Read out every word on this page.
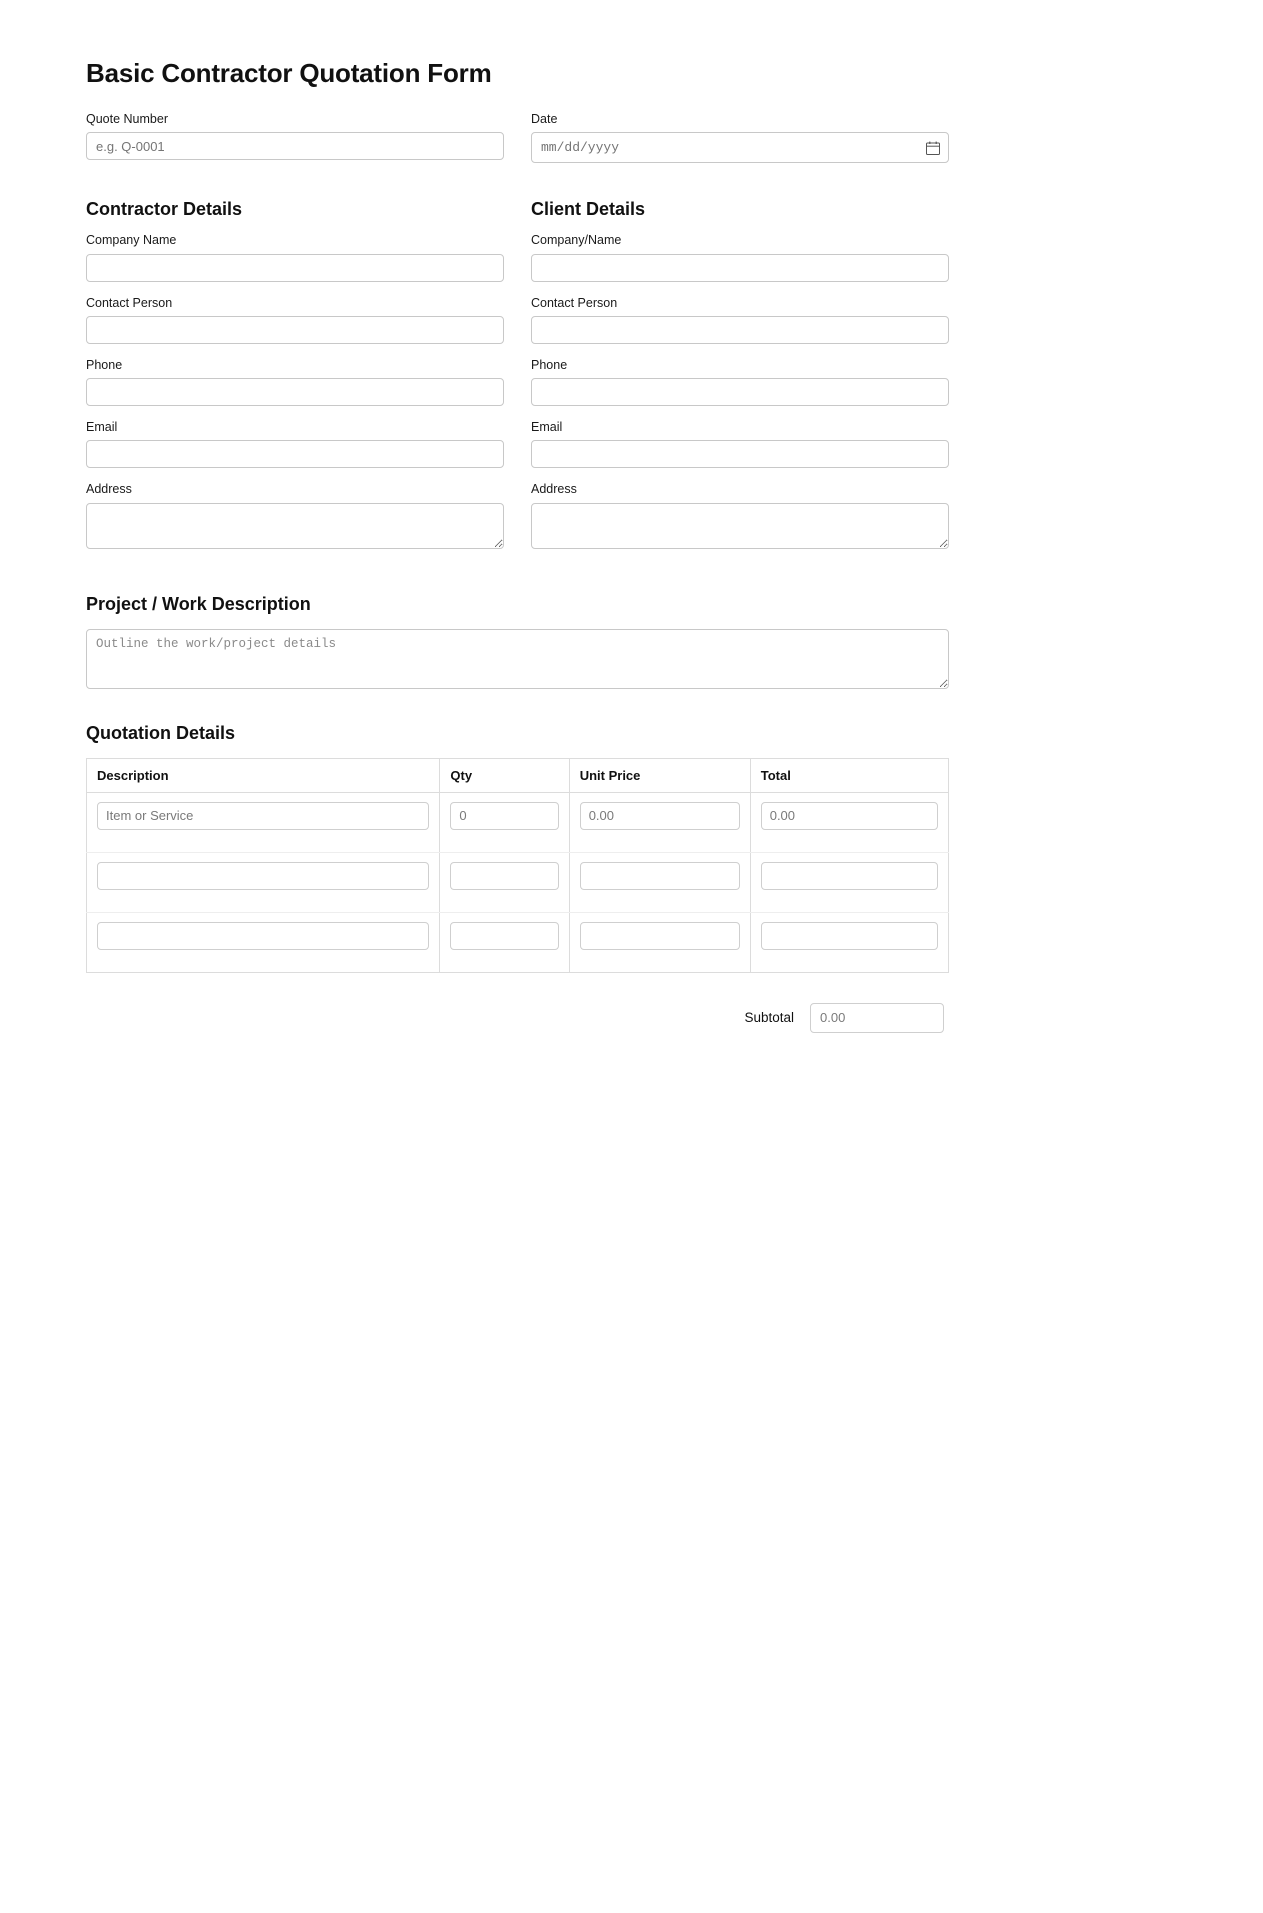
Basic Contractor Quotation Form
Quote Number
e.g. Q-0001	Date
mm/dd/yyyy
Contractor Details
Company Name
Contact Person
Phone
Email
Address
Client Details
Company/Name
Contact Person
Phone
Email
Address
Project / Work Description
Outline the work/project details
Quotation Details
Description	Qty	Unit Price	Total
Item or Service	0	0.00	0.00

Subtotal
0.00
